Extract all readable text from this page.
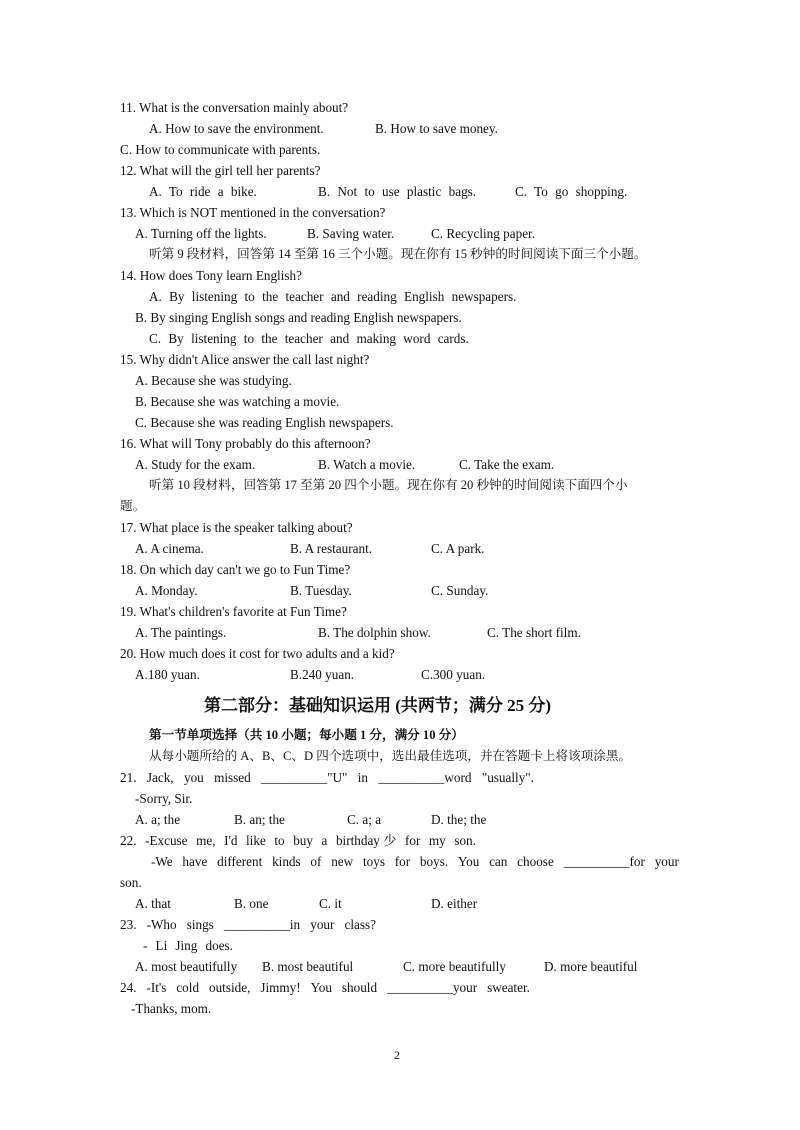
11. What is the conversation mainly about?
A. How to save the environment.	B. How to save money.
C. How to communicate with parents.
12. What will the girl tell her parents?
A. To ride a bike.	B. Not to use plastic bags.	C. To go shopping.
13. Which is NOT mentioned in the conversation?
A. Turning off the lights.	B. Saving water.	C. Recycling paper.
听第 9 段材料，回答第 14 至第 16 三个小题。现在你有 15 秒钟的时间阅读下面三个小题。
14. How does Tony learn English?
A. By listening to the teacher and reading English newspapers.
B. By singing English songs and reading English newspapers.
C. By listening to the teacher and making word cards.
15. Why didn't Alice answer the call last night?
A. Because she was studying.
B. Because she was watching a movie.
C. Because she was reading English newspapers.
16. What will Tony probably do this afternoon?
A. Study for the exam.	B. Watch a movie.	C. Take the exam.
听第 10 段材料，回答第 17 至第 20 四个小题。现在你有 20 秒钟的时间阅读下面四个小
题。
17. What place is the speaker talking about?
A. A cinema.	B. A restaurant.	C. A park.
18. On which day can't we go to Fun Time?
A. Monday.	B. Tuesday.	C. Sunday.
19. What's children's favorite at Fun Time?
A. The paintings.	B. The dolphin show.	C. The short film.
20. How much does it cost for two adults and a kid?
A.180 yuan.	B.240 yuan.	C.300 yuan.
第二部分：基础知识运用 (共两节；满分 25 分)
第一节单项选择（共 10 小题；每小题 1 分，满分 10 分）
从每小题所给的 A、B、C、D 四个选项中，选出最佳选项，并在答题卡上将该项涂黑。
21. Jack, you missed __________"U" in __________word "usually".
-Sorry, Sir.
A. a; the	B. an; the	C. a; a	D. the; the
22. -Excuse me, I'd like to buy a birthday 少 for my son.
-We have different kinds of new toys for boys. You can choose __________for your
son.
A. that	B. one	C. it	D. either
23. -Who sings __________in your class?
- Li Jing does.
A. most beautifully B. most beautiful	C. more beautifully	D. more beautiful
24. -It's cold outside, Jimmy! You should __________your sweater.
-Thanks, mom.
2
